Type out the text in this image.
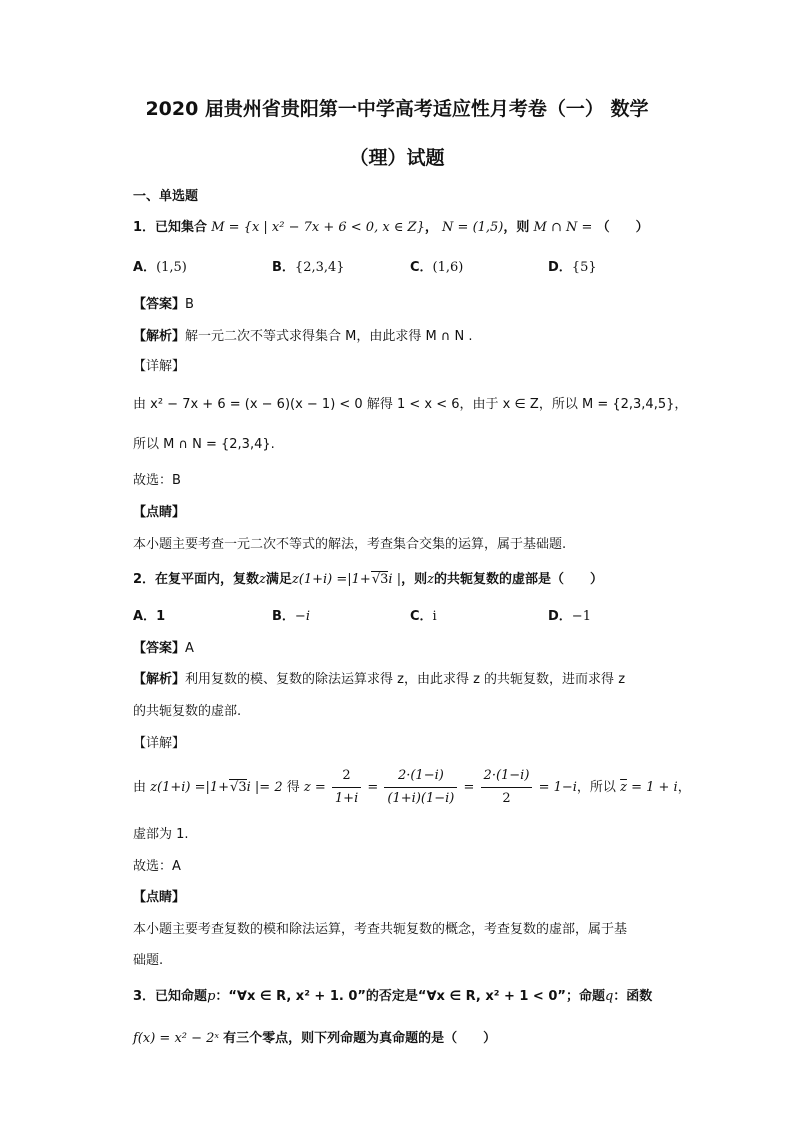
2020 届贵州省贵阳第一中学高考适应性月考卷（一） 数学
（理）试题
一、单选题
1．已知集合 M = {x | x² − 7x + 6 < 0, x ∈ Z}， N = (1,5)，则 M ∩ N = （　　）
A．(1,5)	B．{2,3,4}	C．(1,6)	D．{5}
【答案】B
【解析】解一元二次不等式求得集合 M，由此求得 M ∩ N .
【详解】
由 x² − 7x + 6 = (x − 6)(x − 1) < 0 解得 1 < x < 6，由于 x ∈ Z，所以 M = {2,3,4,5}，
所以 M ∩ N = {2,3,4}.
故选：B
【点睛】
本小题主要考查一元二次不等式的解法，考查集合交集的运算，属于基础题.
2．在复平面内，复数z满足z(1+i) =|1+√3i |，则z的共轭复数的虚部是（　　）
A．1	B．−i	C．i	D．−1
【答案】A
【解析】利用复数的模、复数的除法运算求得 z，由此求得 z 的共轭复数，进而求得 z
的共轭复数的虚部.
【详解】
由 z(1+i) =|1+√3i |= 2 得 $z = \frac{2}{1+i} = \frac{2\cdot(1-i)}{(1+i)(1-i)} = \frac{2\cdot(1-i)}{2} = 1-i$，所以 $\overline{z} = 1 + i$，
虚部为 1.
故选：A
【点睛】
本小题主要考查复数的模和除法运算，考查共轭复数的概念，考查复数的虚部，属于基
础题.
3．已知命题p：“∀x ∈ R, x² + 1. 0”的否定是“∀x ∈ R, x² + 1 < 0”；命题q：函数
f(x) = x² − 2ˣ 有三个零点，则下列命题为真命题的是（　　）
